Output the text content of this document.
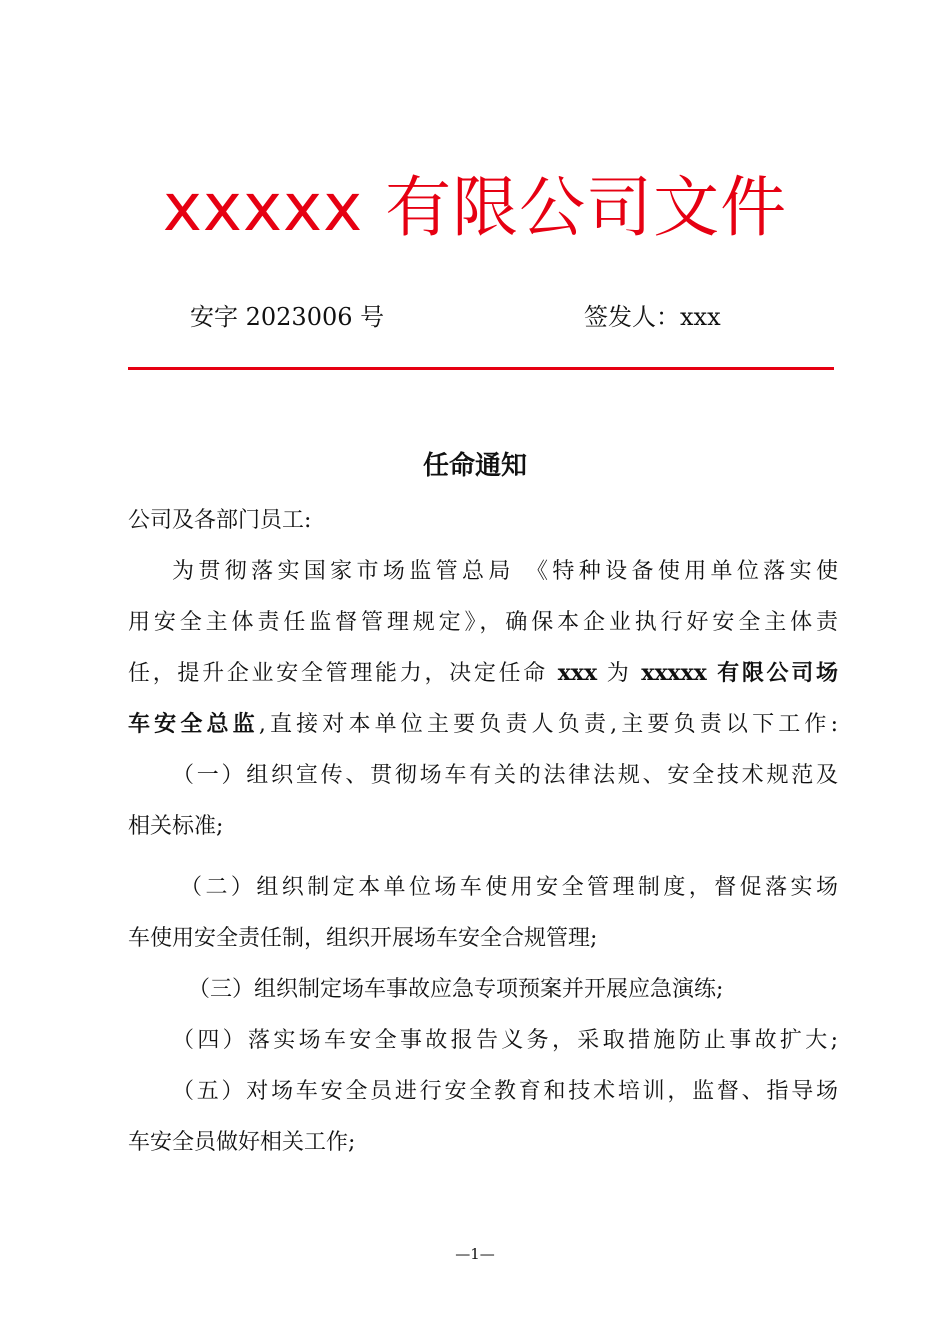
xxxxx 有限公司文件
安字 2023006 号	签发人：xxx
任命通知
公司及各部门员工:
为贯彻落实国家市场监管总局 《特种设备使用单位落实使
用安全主体责任监督管理规定》，确保本企业执行好安全主体责
任，提升企业安全管理能力，决定任命 xxx 为 xxxxx 有限公司场
车安全总监,直接对本单位主要负责人负责,主要负责以下工作:
（一）组织宣传、贯彻场车有关的法律法规、安全技术规范及
相关标准;
（二）组织制定本单位场车使用安全管理制度，督促落实场
车使用安全责任制，组织开展场车安全合规管理;
（三）组织制定场车事故应急专项预案并开展应急演练;
（四）落实场车安全事故报告义务，采取措施防止事故扩大;
（五）对场车安全员进行安全教育和技术培训，监督、指导场
车安全员做好相关工作;
—1—
